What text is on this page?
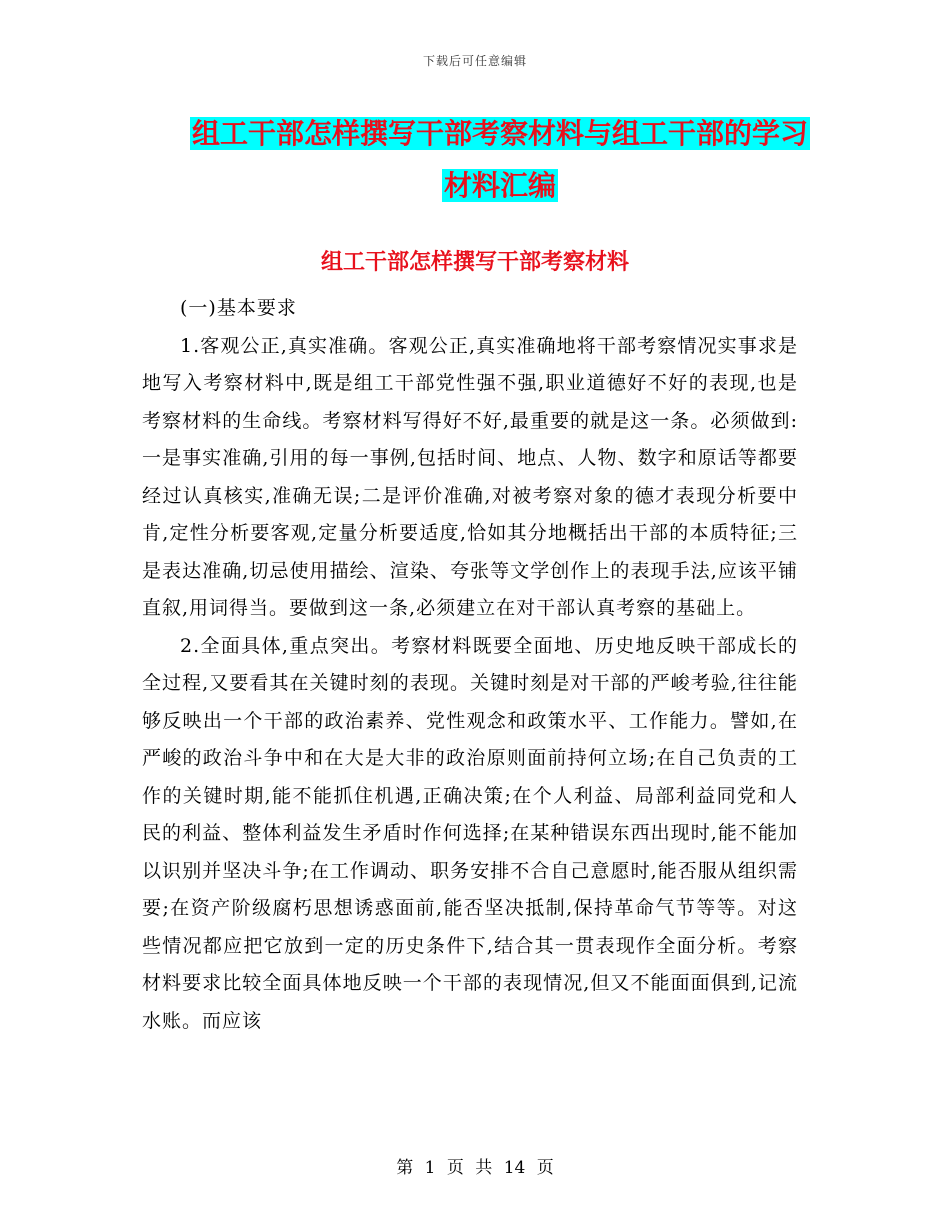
下载后可任意编辑
组工干部怎样撰写干部考察材料与组工干部的学习材料汇编
组工干部怎样撰写干部考察材料

(一)基本要求

1.客观公正,真实准确。客观公正,真实准确地将干部考察情况实事求是地写入考察材料中,既是组工干部党性强不强,职业道德好不好的表现,也是考察材料的生命线。考察材料写得好不好,最重要的就是这一条。必须做到:一是事实准确,引用的每一事例,包括时间、地点、人物、数字和原话等都要经过认真核实,准确无误;二是评价准确,对被考察对象的德才表现分析要中肯,定性分析要客观,定量分析要适度,恰如其分地概括出干部的本质特征;三是表达准确,切忌使用描绘、渲染、夸张等文学创作上的表现手法,应该平铺直叙,用词得当。要做到这一条,必须建立在对干部认真考察的基础上。

2.全面具体,重点突出。考察材料既要全面地、历史地反映干部成长的全过程,又要看其在关键时刻的表现。关键时刻是对干部的严峻考验,往往能够反映出一个干部的政治素养、党性观念和政策水平、工作能力。譬如,在严峻的政治斗争中和在大是大非的政治原则面前持何立场;在自己负责的工作的关键时期,能不能抓住机遇,正确决策;在个人利益、局部利益同党和人民的利益、整体利益发生矛盾时作何选择;在某种错误东西出现时,能不能加以识别并坚决斗争;在工作调动、职务安排不合自己意愿时,能否服从组织需要;在资产阶级腐朽思想诱惑面前,能否坚决抵制,保持革命气节等等。对这些情况都应把它放到一定的历史条件下,结合其一贯表现作全面分析。考察材料要求比较全面具体地反映一个干部的表现情况,但又不能面面俱到,记流水账。而应该

第 1 页 共 14 页
